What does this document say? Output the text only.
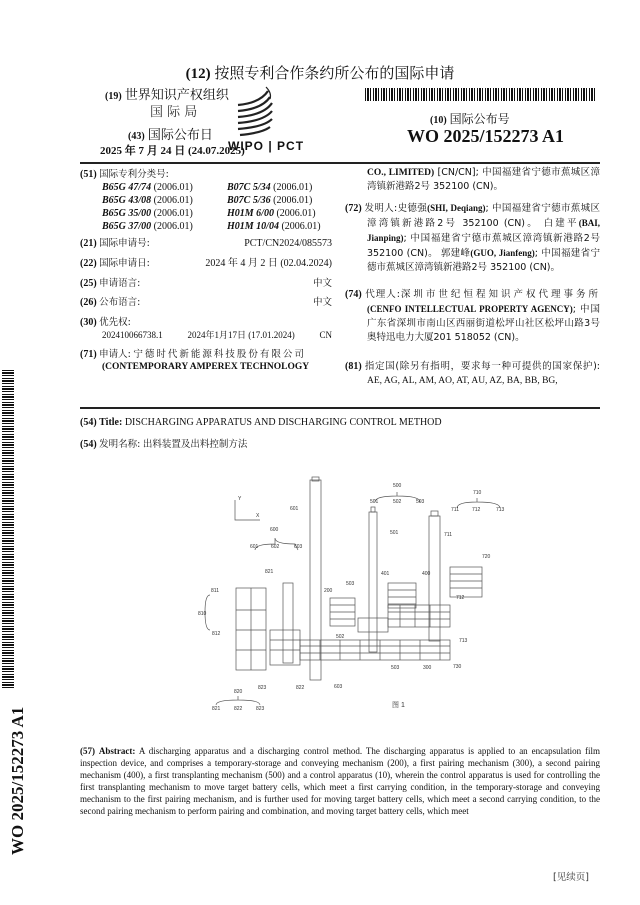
(12) 按照专利合作条约所公布的国际申请
(19) 世界知识产权组织
国 际 局
(43) 国际公布日
2025 年 7 月 24 日 (24.07.2025)
WIPO | PCT
(10) 国际公布号
WO 2025/152273 A1
(51) 国际专利分类号:
B65G 47/74 (2006.01)	B07C 5/34 (2006.01)
B65G 43/08 (2006.01)	B07C 5/36 (2006.01)
B65G 35/00 (2006.01)	H01M 6/00 (2006.01)
B65G 37/00 (2006.01)	H01M 10/04 (2006.01)
(21) 国际申请号:	PCT/CN2024/085573
(22) 国际申请日:	2024 年 4 月 2 日 (02.04.2024)
(25) 申请语言:	中文
(26) 公布语言:	中文
(30) 优先权:
202410066738.1	2024年1月17日 (17.01.2024)	CN
(71) 申请人: 宁德时代新能源科技股份有限公司
(CONTEMPORARY AMPEREX TECHNOLOGY
CO., LIMITED) [CN/CN]; 中国福建省宁德市蕉城区漳湾镇新港路2号 352100 (CN)。
(72) 发明人:史德强(SHI, Deqiang); 中国福建省宁德市蕉城区漳湾镇新港路2号 352100 (CN)。 白建平(BAI, Jianping); 中国福建省宁德市蕉城区漳湾镇新港路2号 352100 (CN)。 郭建峰(GUO, Jianfeng); 中国福建省宁德市蕉城区漳湾镇新港路2号 352100 (CN)。
(74) 代理人:深圳市世纪恒程知识产权代理事务所(CENFO INTELLECTUAL PROPERTY AGENCY); 中国广东省深圳市南山区西丽街道松坪山社区松坪山路3号奥特迅电力大厦201 518052 (CN)。
(81) 指定国(除另有指明，要求每一种可提供的国家保护): AE, AG, AL, AM, AO, AT, AU, AZ, BA, BB, BG,
(54) Title: DISCHARGING APPARATUS AND DISCHARGING CONTROL METHOD
(54) 发明名称: 出料装置及出料控制方法
601
500
501	502	503
710
711	712	713
Y
X
600
601	602	603
501	711
720
401	400
821
811
503
200
810
812	502
712
713
503	300	730
823	822	603
820
821	822	823	图 1
(57) Abstract: A discharging apparatus and a discharging control method. The discharging apparatus is applied to an encapsulation film inspection device, and comprises a temporary-storage and conveying mechanism (200), a first pairing mechanism (300), a second pairing mechanism (400), a first transplanting mechanism (500) and a control apparatus (10), wherein the control apparatus is used for controlling the first transplanting mechanism to move target battery cells, which meet a first carrying condition, in the temporary-storage and conveying mechanism to the first pairing mechanism, and is further used for moving target battery cells, which meet a second carrying condition, to the second pairing mechanism to perform pairing and combination, and moving target battery cells, which meet
WO 2025/152273 A1
[见续页]
